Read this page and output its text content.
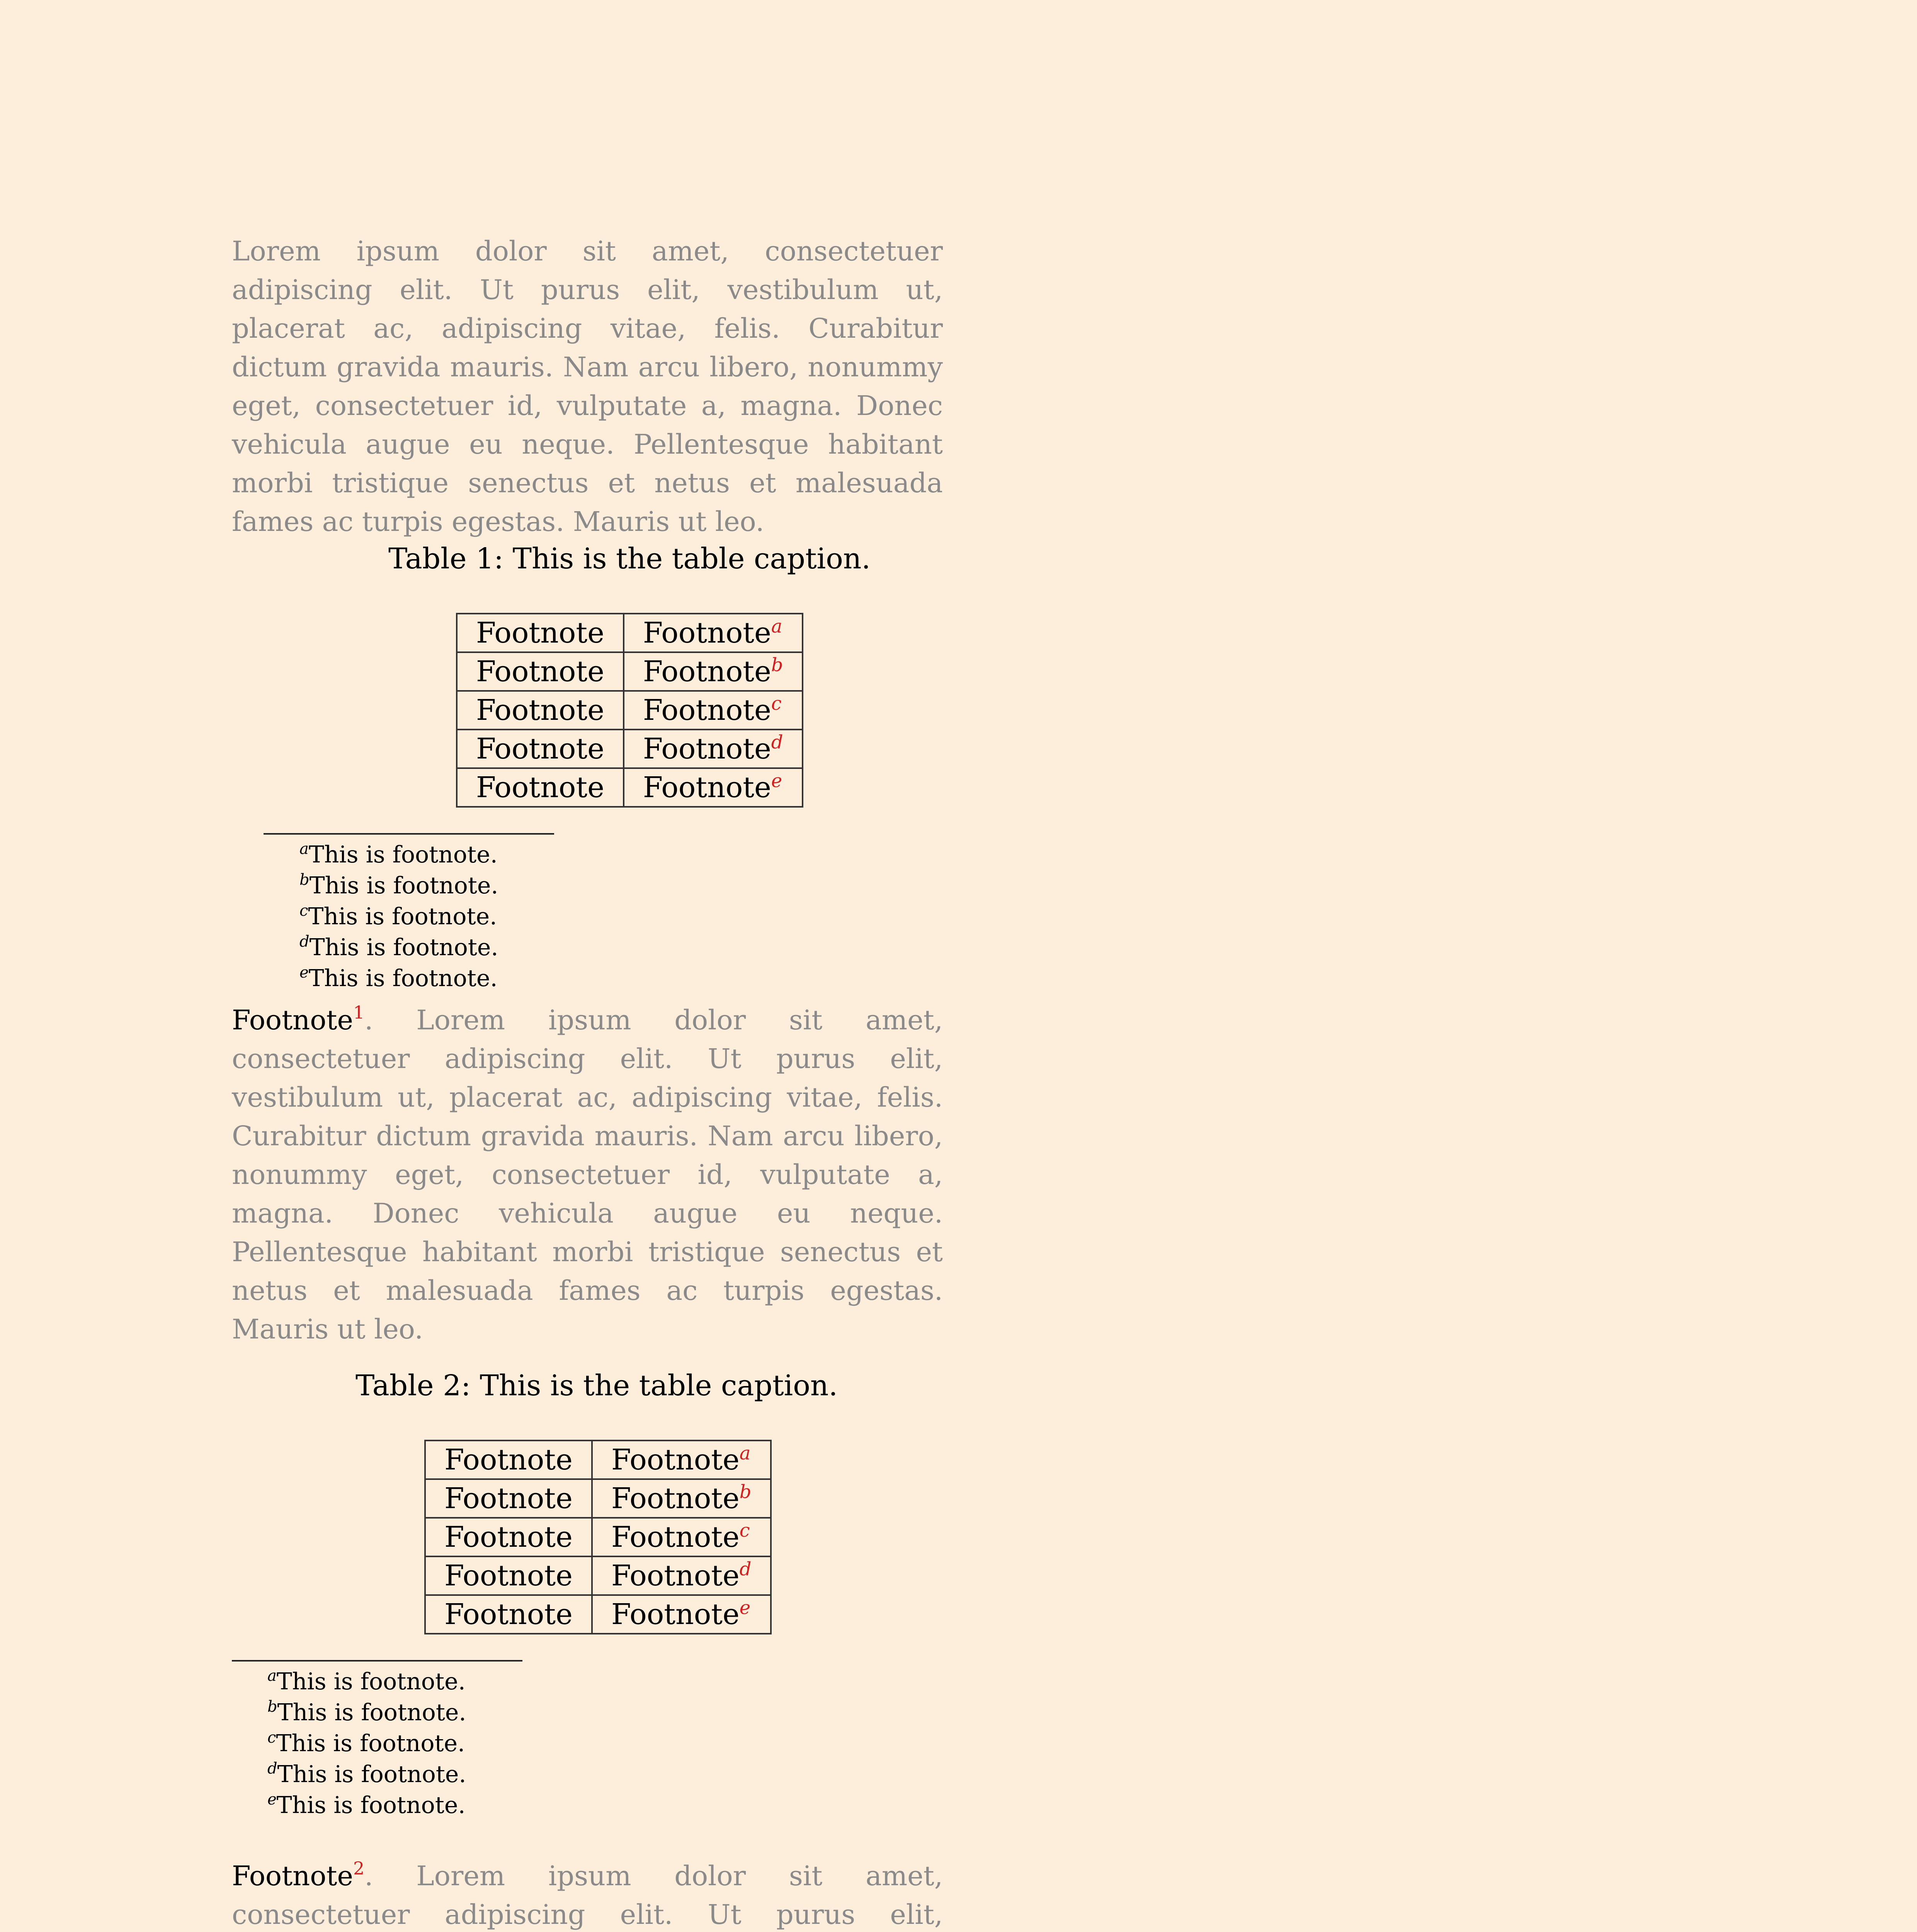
Lorem ipsum dolor sit amet, consectetuer adipiscing elit. Ut purus elit, vestibulum ut, placerat ac, adipiscing vitae, felis. Curabitur dictum gravida mauris. Nam arcu libero, nonummy eget, consectetuer id, vulputate a, magna. Donec vehicula augue eu neque. Pellentesque habitant morbi tristique senectus et netus et malesuada fames ac turpis egestas. Mauris ut leo.

Table 1: This is the table caption.
Footnote	Footnote$^a$
Footnote	Footnote$^b$
Footnote	Footnote$^c$
Footnote	Footnote$^d$
Footnote	Footnote$^e$
$^a$This is footnote.
$^b$This is footnote.
$^c$This is footnote.
$^d$This is footnote.
$^e$This is footnote.

Footnote$^1$. Lorem ipsum dolor sit amet, consectetuer adipiscing elit. Ut purus elit, vestibulum ut, placerat ac, adipiscing vitae, felis. Curabitur dictum gravida mauris. Nam arcu libero, nonummy eget, consectetuer id, vulputate a, magna. Donec vehicula augue eu neque. Pellentesque habitant morbi tristique senectus et netus et malesuada fames ac turpis egestas. Mauris ut leo.

Table 2: This is the table caption.
Footnote	Footnote$^a$
Footnote	Footnote$^b$
Footnote	Footnote$^c$
Footnote	Footnote$^d$
Footnote	Footnote$^e$
$^a$This is footnote.
$^b$This is footnote.
$^c$This is footnote.
$^d$This is footnote.
$^e$This is footnote.

Footnote$^2$. Lorem ipsum dolor sit amet, consectetuer adipiscing elit. Ut purus elit,
